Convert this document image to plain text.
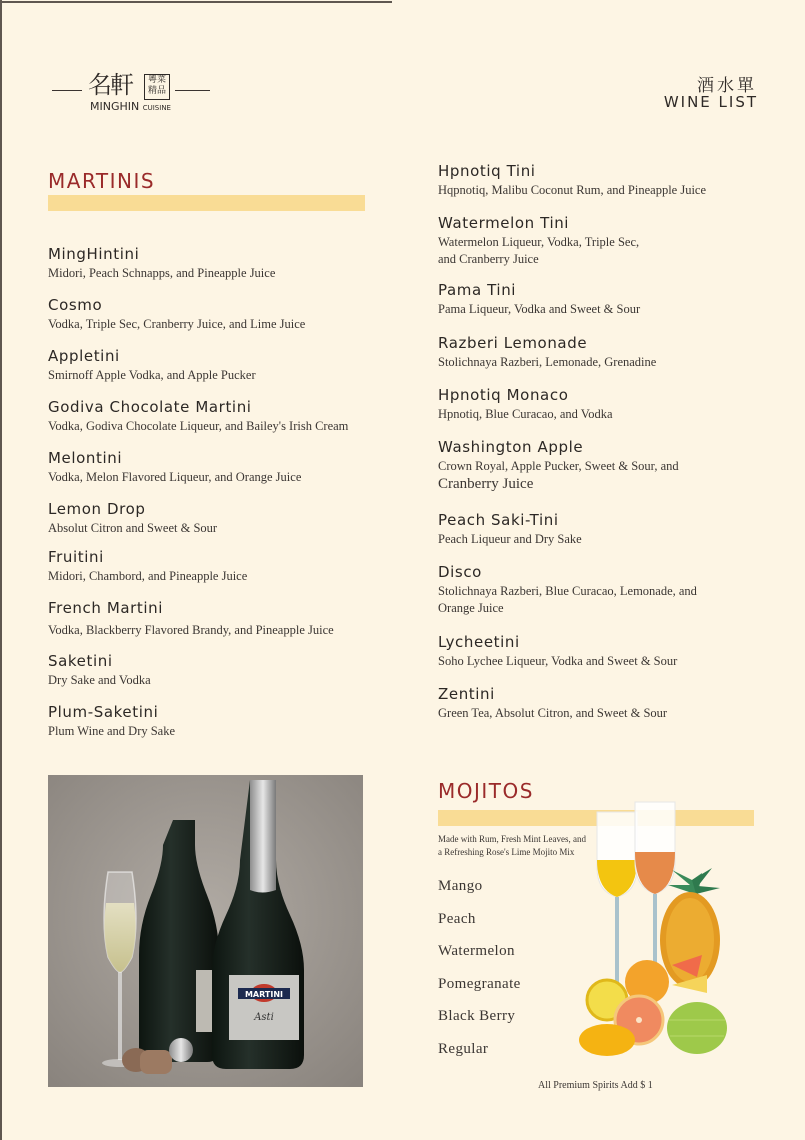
名軒	粵菜
精品
MINGHIN CUISINE
酒水單
WINE LIST
MARTINIS
MingHintini
Midori, Peach Schnapps, and Pineapple Juice
Cosmo
Vodka, Triple Sec, Cranberry Juice, and Lime Juice
Appletini
Smirnoff Apple Vodka, and Apple Pucker
Godiva Chocolate Martini
Vodka, Godiva Chocolate Liqueur, and Bailey's Irish Cream
Melontini
Vodka, Melon Flavored Liqueur, and Orange Juice
Lemon Drop
Absolut Citron and Sweet & Sour
Fruitini
Midori, Chambord, and Pineapple Juice
French Martini
Vodka, Blackberry Flavored Brandy, and Pineapple Juice
Saketini
Dry Sake and Vodka
Plum-Saketini
Plum Wine and Dry Sake
Hpnotiq Tini
Hqpnotiq, Malibu Coconut Rum, and Pineapple Juice
Watermelon Tini
Watermelon Liqueur, Vodka, Triple Sec,
and Cranberry Juice
Pama Tini
Pama Liqueur, Vodka and Sweet & Sour
Razberi Lemonade
Stolichnaya Razberi, Lemonade, Grenadine
Hpnotiq Monaco
Hpnotiq, Blue Curacao, and Vodka
Washington Apple
Crown Royal, Apple Pucker, Sweet & Sour, and
Cranberry Juice
Peach Saki-Tini
Peach Liqueur and Dry Sake
Disco
Stolichnaya Razberi, Blue Curacao, Lemonade, and
Orange Juice
Lycheetini
Soho Lychee Liqueur, Vodka and Sweet & Sour
Zentini
Green Tea, Absolut Citron, and Sweet & Sour
MARTINI
Asti
MOJITOS
Made with Rum, Fresh Mint Leaves, and
a Refreshing Rose's Lime Mojito Mix
Mango
Peach
Watermelon
Pomegranate
Black Berry
Regular
All Premium Spirits Add $ 1
